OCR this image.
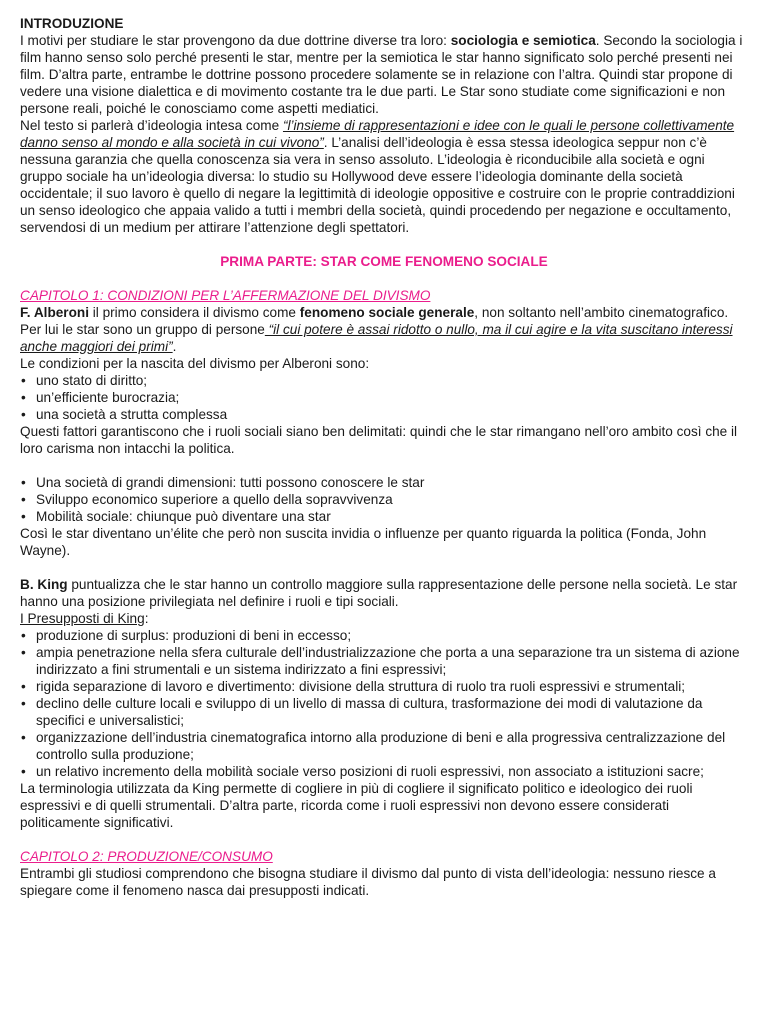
INTRODUZIONE

I motivi per studiare le star provengono da due dottrine diverse tra loro: sociologia e semiotica. Secondo la sociologia i film hanno senso solo perché presenti le star, mentre per la semiotica le star hanno significato solo perché presenti nei film. D’altra parte, entrambe le dottrine possono procedere solamente se in relazione con l’altra. Quindi star propone di vedere una visione dialettica e di movimento costante tra le due parti. Le Star sono studiate come significazioni e non persone reali, poiché le conosciamo come aspetti mediatici.

Nel testo si parlerà d’ideologia intesa come “l’insieme di rappresentazioni e idee con le quali le persone collettivamente danno senso al mondo e alla società in cui vivono”. L’analisi dell’ideologia è essa stessa ideologica seppur non c’è nessuna garanzia che quella conoscenza sia vera in senso assoluto. L’ideologia è riconducibile alla società e ogni gruppo sociale ha un’ideologia diversa: lo studio su Hollywood deve essere l’ideologia dominante della società occidentale; il suo lavoro è quello di negare la legittimità di ideologie oppositive e costruire con le proprie contraddizioni un senso ideologico che appaia valido a tutti i membri della società, quindi procedendo per negazione e occultamento, servendosi di un medium per attirare l’attenzione degli spettatori.

PRIMA PARTE: STAR COME FENOMENO SOCIALE

CAPITOLO 1: CONDIZIONI PER L’AFFERMAZIONE DEL DIVISMO

F. Alberoni il primo considera il divismo come fenomeno sociale generale, non soltanto nell’ambito cinematografico. Per lui le star sono un gruppo di persone “il cui potere è assai ridotto o nullo, ma il cui agire e la vita suscitano interessi anche maggiori dei primi”.

Le condizioni per la nascita del divismo per Alberoni sono:

• uno stato di diritto;
• un’efficiente burocrazia;
• una società a strutta complessa

Questi fattori garantiscono che i ruoli sociali siano ben delimitati: quindi che le star rimangano nell’oro ambito così che il loro carisma non intacchi la politica.

• Una società di grandi dimensioni: tutti possono conoscere le star
• Sviluppo economico superiore a quello della sopravvivenza
• Mobilità sociale: chiunque può diventare una star

Così le star diventano un’élite che però non suscita invidia o influenze per quanto riguarda la politica (Fonda, John Wayne).

B. King puntualizza che le star hanno un controllo maggiore sulla rappresentazione delle persone nella società. Le star hanno una posizione privilegiata nel definire i ruoli e tipi sociali.

I Presupposti di King:

• produzione di surplus: produzioni di beni in eccesso;
• ampia penetrazione nella sfera culturale dell’industrializzazione che porta a una separazione tra un sistema di azione indirizzato a fini strumentali e un sistema indirizzato a fini espressivi;
• rigida separazione di lavoro e divertimento: divisione della struttura di ruolo tra ruoli espressivi e strumentali;
• declino delle culture locali e sviluppo di un livello di massa di cultura, trasformazione dei modi di valutazione da specifici e universalistici;
• organizzazione dell’industria cinematografica intorno alla produzione di beni e alla progressiva centralizzazione del controllo sulla produzione;
• un relativo incremento della mobilità sociale verso posizioni di ruoli espressivi, non associato a istituzioni sacre;

La terminologia utilizzata da King permette di cogliere in più di cogliere il significato politico e ideologico dei ruoli espressivi e di quelli strumentali. D’altra parte, ricorda come i ruoli espressivi non devono essere considerati politicamente significativi.

CAPITOLO 2: PRODUZIONE/CONSUMO

Entrambi gli studiosi comprendono che bisogna studiare il divismo dal punto di vista dell’ideologia: nessuno riesce a spiegare come il fenomeno nasca dai presupposti indicati.
